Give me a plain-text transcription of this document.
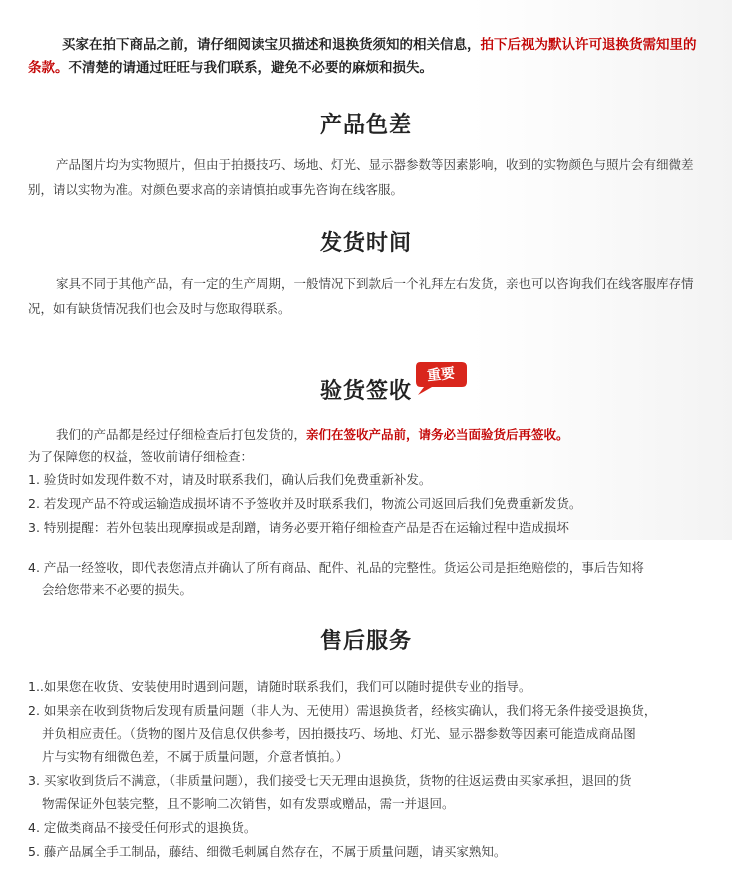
买家在拍下商品之前，请仔细阅读宝贝描述和退换货须知的相关信息，拍下后视为默认许可退换货需知里的条款。不清楚的请通过旺旺与我们联系，避免不必要的麻烦和损失。
产品色差
产品图片均为实物照片，但由于拍摄技巧、场地、灯光、显示器参数等因素影响，收到的实物颜色与照片会有细微差别，请以实物为准。对颜色要求高的亲请慎拍或事先咨询在线客服。
发货时间
家具不同于其他产品，有一定的生产周期，一般情况下到款后一个礼拜左右发货，亲也可以咨询我们在线客服库存情况，如有缺货情况我们也会及时与您取得联系。
验货签收
重要
我们的产品都是经过仔细检查后打包发货的，亲们在签收产品前，请务必当面验货后再签收。
为了保障您的权益，签收前请仔细检查：
1. 验货时如发现件数不对，请及时联系我们，确认后我们免费重新补发。
2. 若发现产品不符或运输造成损坏请不予签收并及时联系我们，物流公司返回后我们免费重新发货。
3. 特别提醒：若外包装出现摩损或是刮蹭，请务必要开箱仔细检查产品是否在运输过程中造成损坏
4. 产品一经签收，即代表您清点并确认了所有商品、配件、礼品的完整性。货运公司是拒绝赔偿的，事后告知将
会给您带来不必要的损失。
售后服务
1..如果您在收货、安装使用时遇到问题，请随时联系我们，我们可以随时提供专业的指导。
2. 如果亲在收到货物后发现有质量问题（非人为、无使用）需退换货者，经核实确认，我们将无条件接受退换货，
并负相应责任。（货物的图片及信息仅供参考，因拍摄技巧、场地、灯光、显示器参数等因素可能造成商品图
片与实物有细微色差，不属于质量问题，介意者慎拍。）
3. 买家收到货后不满意，（非质量问题），我们接受七天无理由退换货，货物的往返运费由买家承担，退回的货
物需保证外包装完整，且不影响二次销售，如有发票或赠品，需一并退回。
4. 定做类商品不接受任何形式的退换货。
5. 藤产品属全手工制品，藤结、细微毛刺属自然存在，不属于质量问题，请买家熟知。
